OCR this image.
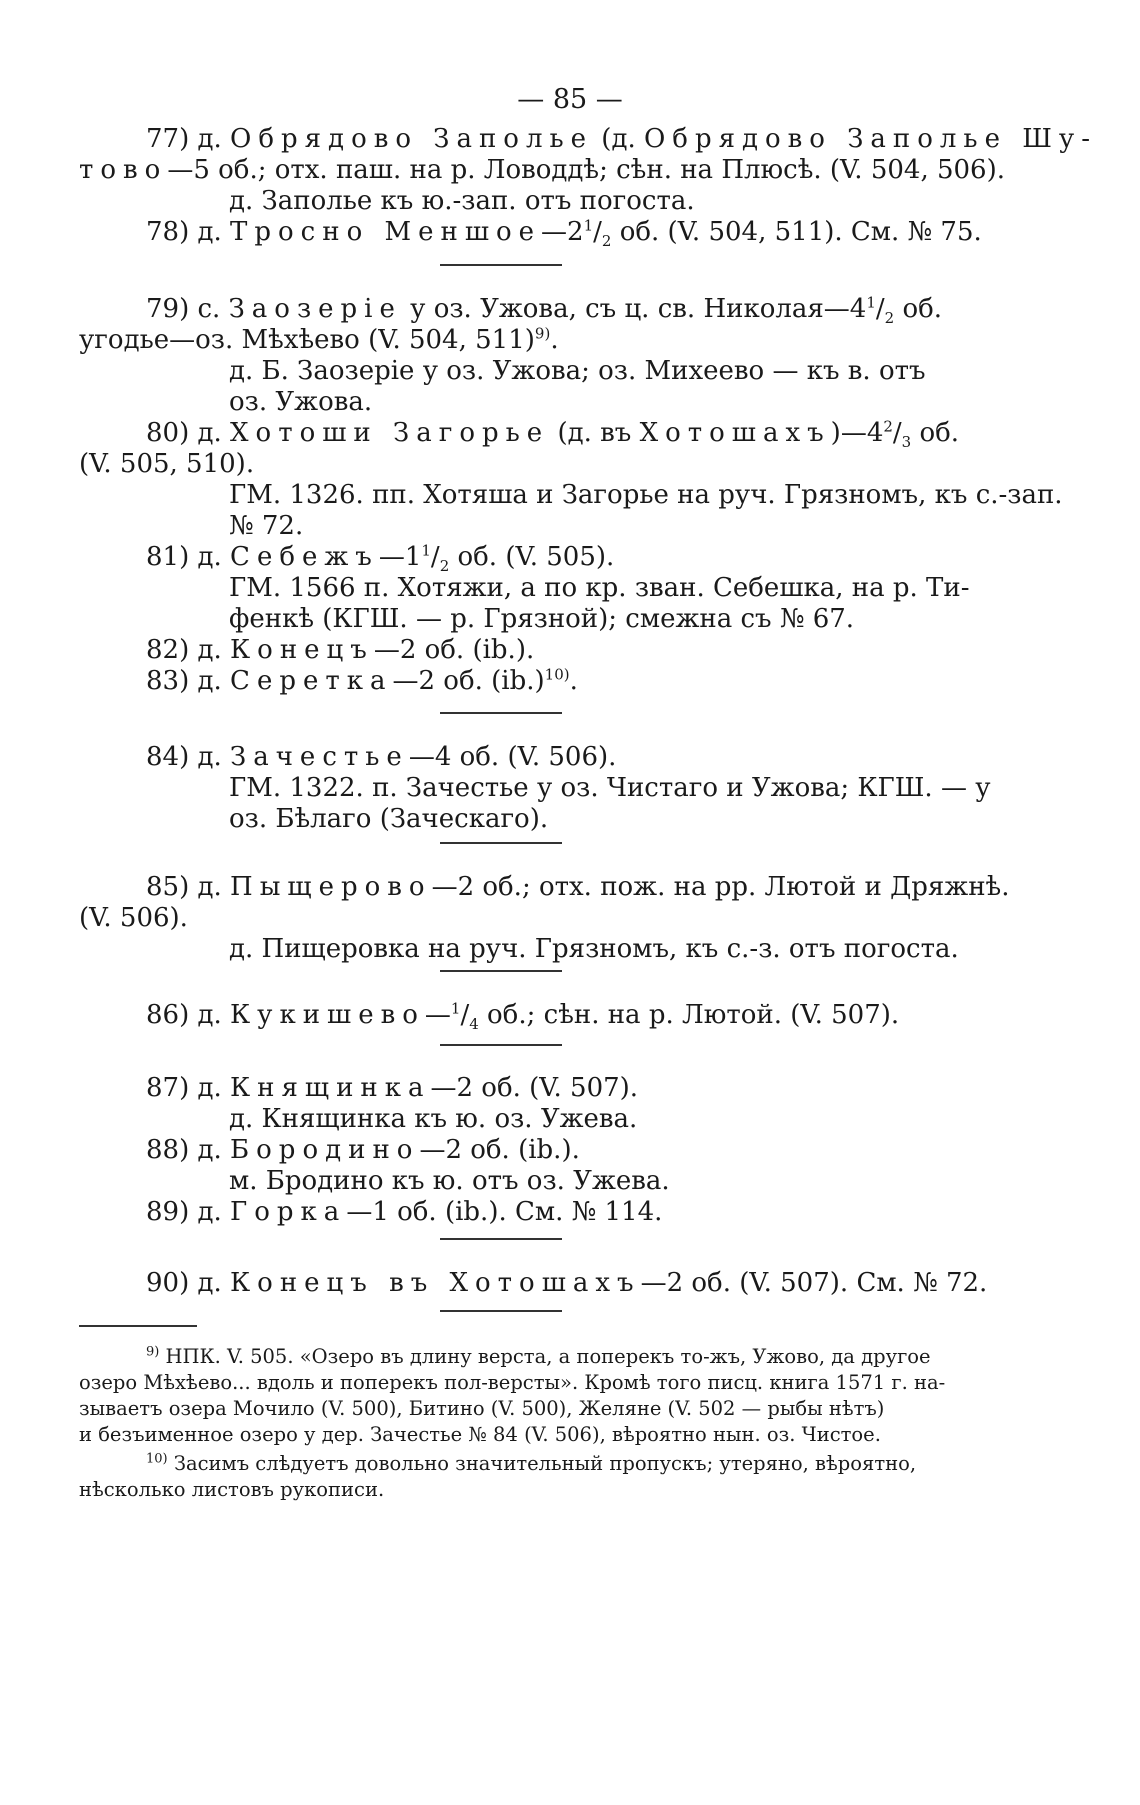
— 85 —
77) д. Обрядово Заполье (д. Обрядово Заполье Шу-
тово—5 об.; отх. паш. на р. Ловоддѣ; сѣн. на Плюсѣ. (V. 504, 506).
д. Заполье къ ю.-зап. отъ погоста.
78) д. Тросно $Меншое—2^1/_2$ об. (V. 504, 511). См. № 75.
79) с. Заозеріе у оз. Ужова, съ ц. св. $Николая—4^1/_2$ об.
угодье—оз. Мѣхѣево (V. 504, 511)$^{9)}$.
д. Б. Заозеріе у оз. Ужова; оз. Михеево — къ в. отъ
оз. Ужова.
80) д. Хотоши Загорье (д. въ $Хотошахъ)—4^2/_3$ об.
(V. 505, 510).
ГМ. 1326. пп. Хотяша и Загорье на руч. Грязномъ, къ с.-зап.
№ 72.
81) д. $Себежъ—1^1/_2$ об. (V. 505).
ГМ. 1566 п. Хотяжи, а по кр. зван. Себешка, на р. Ти-
фенкѣ (КГШ. — р. Грязной); смежна съ № 67.
82) д. Конецъ—2 об. (ib.).
83) д. Серетка—2 об. $(ib.)^{10)}$.
84) д. Зачестье—4 об. (V. 506).
ГМ. 1322. п. Зачестье у оз. Чистаго и Ужова; КГШ. — у
оз. Бѣлаго (Заческаго).
85) д. Пыщерово—2 об.; отх. пож. на рр. Лютой и Дряжнѣ.
(V. 506).
д. Пищеровка на руч. Грязномъ, къ с.-з. отъ погоста.
86) д. $Кукишево—^1/_4$ об.; сѣн. на р. Лютой. (V. 507).
87) д. Княщинка—2 об. (V. 507).
д. Княщинка къ ю. оз. Ужева.
88) д. Бородино—2 об. (ib.).
м. Бродино къ ю. отъ оз. Ужева.
89) д. Горка—1 об. (ib.). См. № 114.
90) д. Конецъ въ Хотошахъ—2 об. (V. 507). См. № 72.
$^{9)}$ НПК. V. 505. «Озеро въ длину верста, а поперекъ то-жъ, Ужово, да другое
озеро Мѣхѣево... вдоль и поперекъ пол-версты». Кромѣ того писц. книга 1571 г. на-
зываетъ озера Мочило (V. 500), Битино (V. 500), Желяне (V. 502 — рыбы нѣтъ)
и безъименное озеро у дер. Зачестье № 84 (V. 506), вѣроятно нын. оз. Чистое.
$^{10)}$ Засимъ слѣдуетъ довольно значительный пропускъ; утеряно, вѣроятно,
нѣсколько листовъ рукописи.
